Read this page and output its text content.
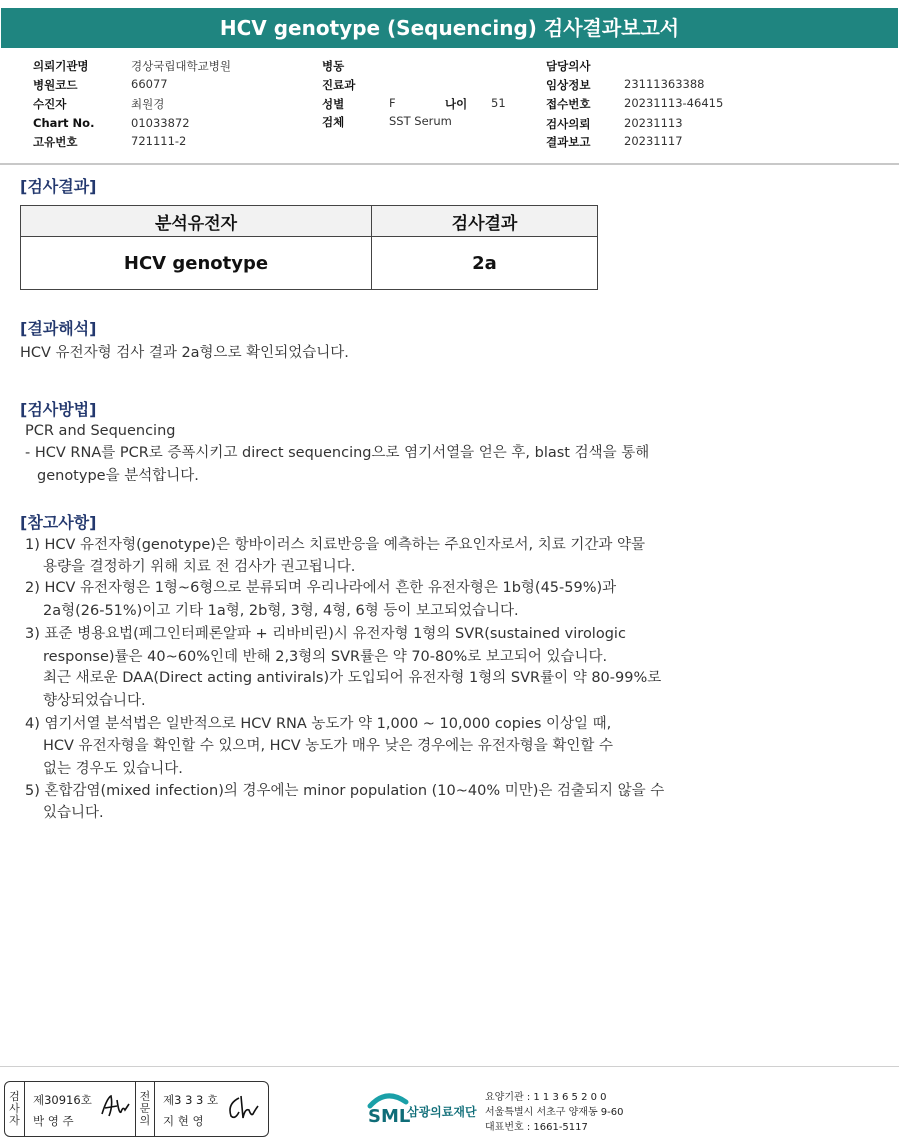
HCV genotype (Sequencing) 검사결과보고서
의뢰기관명	경상국립대학교병원
병원코드	66077
수진자	최원경
Chart No.	01033872
고유번호	721111-2
병동
진료과
성별	F	나이 51
검체	SST Serum
담당의사
임상정보	23111363388
접수번호	20231113-46415
검사의뢰	20231113
결과보고	20231117
[검사결과]
분석유전자	검사결과
HCV genotype	2a
[결과해석]
HCV 유전자형 검사 결과 2a형으로 확인되었습니다.
[검사방법]
PCR and Sequencing
- HCV RNA를 PCR로 증폭시키고 direct sequencing으로 염기서열을 얻은 후, blast 검색을 통해
genotype을 분석합니다.
[참고사항]
1) HCV 유전자형(genotype)은 항바이러스 치료반응을 예측하는 주요인자로서, 치료 기간과 약물
용량을 결정하기 위해 치료 전 검사가 권고됩니다.
2) HCV 유전자형은 1형~6형으로 분류되며 우리나라에서 흔한 유전자형은 1b형(45-59%)과
2a형(26-51%)이고 기타 1a형, 2b형, 3형, 4형, 6형 등이 보고되었습니다.
3) 표준 병용요법(페그인터페론알파 + 리바비린)시 유전자형 1형의 SVR(sustained virologic
response)률은 40~60%인데 반해 2,3형의 SVR률은 약 70-80%로 보고되어 있습니다.
최근 새로운 DAA(Direct acting antivirals)가 도입되어 유전자형 1형의 SVR률이 약 80-99%로
향상되었습니다.
4) 염기서열 분석법은 일반적으로 HCV RNA 농도가 약 1,000 ~ 10,000 copies 이상일 때,
HCV 유전자형을 확인할 수 있으며, HCV 농도가 매우 낮은 경우에는 유전자형을 확인할 수
없는 경우도 있습니다.
5) 혼합감염(mixed infection)의 경우에는 minor population (10~40% 미만)은 검출되지 않을 수
있습니다.
검
사
자
제30916호
박 영 주
전
문
의
제3 3 3 호
지 현 영	SML
삼광의료재단
요양기관 : 1 1 3 6 5 2 0 0
서울특별시 서초구 양재동 9-60
대표번호 : 1661-5117
